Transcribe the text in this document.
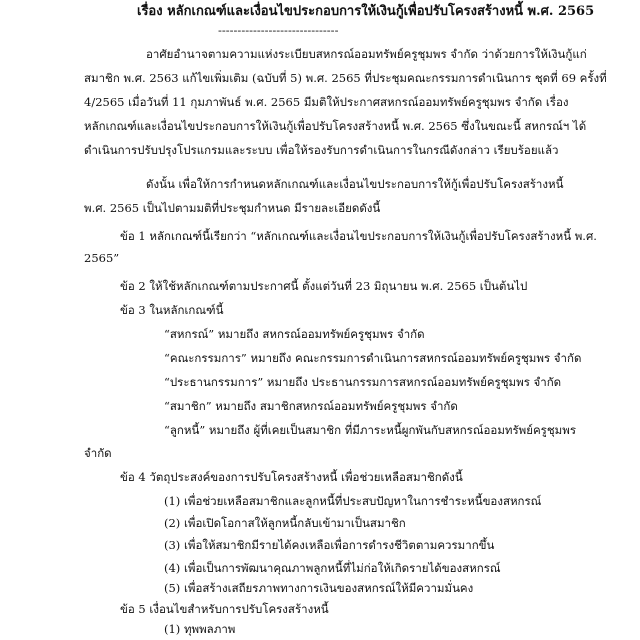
เรื่อง หลักเกณฑ์และเงื่อนไขประกอบการให้เงินกู้เพื่อปรับโครงสร้างหนี้ พ.ศ. 2565
-------------------------------
อาศัยอำนาจตามความแห่งระเบียบสหกรณ์ออมทรัพย์ครูชุมพร จำกัด ว่าด้วยการให้เงินกู้แก่
สมาชิก พ.ศ. 2563 แก้ไขเพิ่มเติม (ฉบับที่ 5) พ.ศ. 2565 ที่ประชุมคณะกรรมการดำเนินการ ชุดที่ 69 ครั้งที่
4/2565 เมื่อวันที่ 11 กุมภาพันธ์ พ.ศ. 2565 มีมติให้ประกาศสหกรณ์ออมทรัพย์ครูชุมพร จำกัด เรื่อง
หลักเกณฑ์และเงื่อนไขประกอบการให้เงินกู้เพื่อปรับโครงสร้างหนี้ พ.ศ. 2565 ซึ่งในขณะนี้ สหกรณ์ฯ ได้
ดำเนินการปรับปรุงโปรแกรมและระบบ เพื่อให้รองรับการดำเนินการในกรณีดังกล่าว เรียบร้อยแล้ว
ดังนั้น เพื่อให้การกำหนดหลักเกณฑ์และเงื่อนไขประกอบการให้กู้เพื่อปรับโครงสร้างหนี้
พ.ศ. 2565 เป็นไปตามมติที่ประชุมกำหนด มีรายละเอียดดังนี้
ข้อ 1 หลักเกณฑ์นี้เรียกว่า “หลักเกณฑ์และเงื่อนไขประกอบการให้เงินกู้เพื่อปรับโครงสร้างหนี้ พ.ศ.
2565”
ข้อ 2 ให้ใช้หลักเกณฑ์ตามประกาศนี้ ตั้งแต่วันที่ 23 มิถุนายน พ.ศ. 2565 เป็นต้นไป
ข้อ 3 ในหลักเกณฑ์นี้
“สหกรณ์” หมายถึง สหกรณ์ออมทรัพย์ครูชุมพร จำกัด
“คณะกรรมการ” หมายถึง คณะกรรมการดำเนินการสหกรณ์ออมทรัพย์ครูชุมพร จำกัด
“ประธานกรรมการ” หมายถึง ประธานกรรมการสหกรณ์ออมทรัพย์ครูชุมพร จำกัด
“สมาชิก” หมายถึง สมาชิกสหกรณ์ออมทรัพย์ครูชุมพร จำกัด
“ลูกหนี้” หมายถึง ผู้ที่เคยเป็นสมาชิก ที่มีภาระหนี้ผูกพันกับสหกรณ์ออมทรัพย์ครูชุมพร
จำกัด
ข้อ 4 วัตถุประสงค์ของการปรับโครงสร้างหนี้ เพื่อช่วยเหลือสมาชิกดังนี้
(1) เพื่อช่วยเหลือสมาชิกและลูกหนี้ที่ประสบปัญหาในการชำระหนี้ของสหกรณ์
(2) เพื่อเปิดโอกาสให้ลูกหนี้กลับเข้ามาเป็นสมาชิก
(3) เพื่อให้สมาชิกมีรายได้คงเหลือเพื่อการดำรงชีวิตตามควรมากขึ้น
(4) เพื่อเป็นการพัฒนาคุณภาพลูกหนี้ที่ไม่ก่อให้เกิดรายได้ของสหกรณ์
(5) เพื่อสร้างเสถียรภาพทางการเงินของสหกรณ์ให้มีความมั่นคง
ข้อ 5 เงื่อนไขสำหรับการปรับโครงสร้างหนี้
(1) ทุพพลภาพ
